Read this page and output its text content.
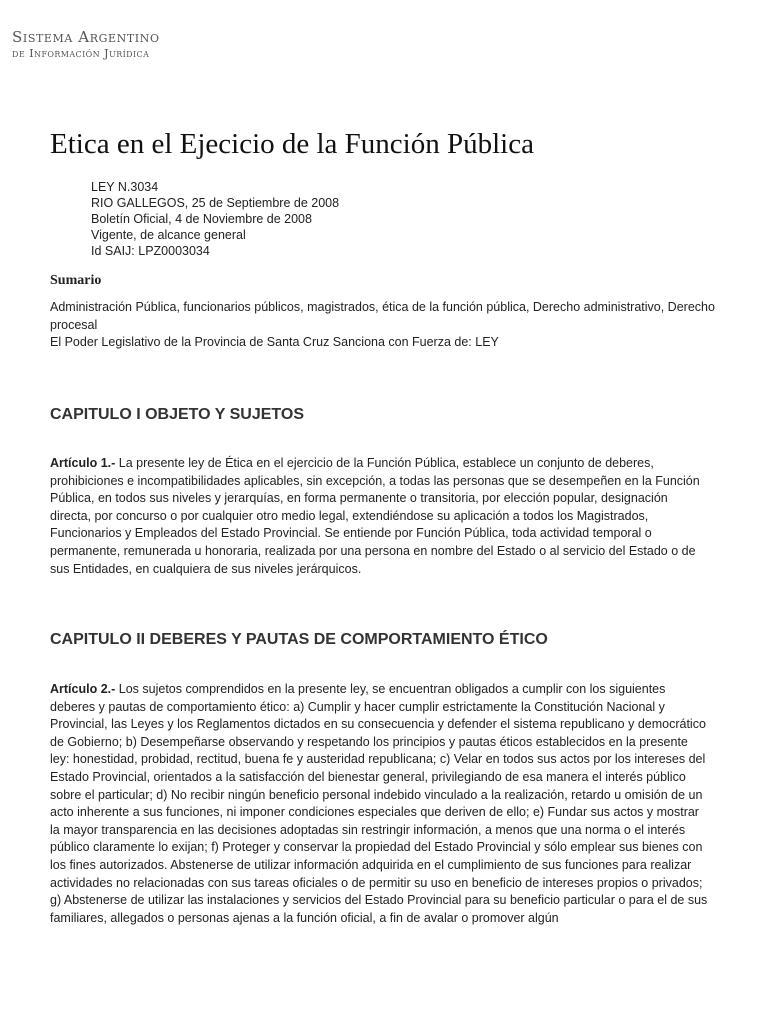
Sistema Argentino
de Información Jurídica
Etica en el Ejecicio de la Función Pública
LEY N.3034
RIO GALLEGOS, 25 de Septiembre de 2008
Boletín Oficial, 4 de Noviembre de 2008
Vigente, de alcance general
Id SAIJ: LPZ0003034
Sumario

Administración Pública, funcionarios públicos, magistrados, ética de la función pública, Derecho administrativo, Derecho procesal

El Poder Legislativo de la Provincia de Santa Cruz Sanciona con Fuerza de: LEY

CAPITULO I OBJETO Y SUJETOS

Artículo 1.- La presente ley de Ética en el ejercicio de la Función Pública, establece un conjunto de deberes, prohibiciones e incompatibilidades aplicables, sin excepción, a todas las personas que se desempeñen en la Función Pública, en todos sus niveles y jerarquías, en forma permanente o transitoria, por elección popular, designación directa, por concurso o por cualquier otro medio legal, extendiéndose su aplicación a todos los Magistrados, Funcionarios y Empleados del Estado Provincial. Se entiende por Función Pública, toda actividad temporal o permanente, remunerada u honoraria, realizada por una persona en nombre del Estado o al servicio del Estado o de sus Entidades, en cualquiera de sus niveles jerárquicos.

CAPITULO II DEBERES Y PAUTAS DE COMPORTAMIENTO ÉTICO

Artículo 2.- Los sujetos comprendidos en la presente ley, se encuentran obligados a cumplir con los siguientes deberes y pautas de comportamiento ético: a) Cumplir y hacer cumplir estrictamente la Constitución Nacional y Provincial, las Leyes y los Reglamentos dictados en su consecuencia y defender el sistema republicano y democrático de Gobierno; b) Desempeñarse observando y respetando los principios y pautas éticos establecidos en la presente ley: honestidad, probidad, rectitud, buena fe y austeridad republicana; c) Velar en todos sus actos por los intereses del Estado Provincial, orientados a la satisfacción del bienestar general, privilegiando de esa manera el interés público sobre el particular; d) No recibir ningún beneficio personal indebido vinculado a la realización, retardo u omisión de un acto inherente a sus funciones, ni imponer condiciones especiales que deriven de ello; e) Fundar sus actos y mostrar la mayor transparencia en las decisiones adoptadas sin restringir información, a menos que una norma o el interés público claramente lo exijan; f) Proteger y conservar la propiedad del Estado Provincial y sólo emplear sus bienes con los fines autorizados. Abstenerse de utilizar información adquirida en el cumplimiento de sus funciones para realizar actividades no relacionadas con sus tareas oficiales o de permitir su uso en beneficio de intereses propios o privados; g) Abstenerse de utilizar las instalaciones y servicios del Estado Provincial para su beneficio particular o para el de sus familiares, allegados o personas ajenas a la función oficial, a fin de avalar o promover algún
